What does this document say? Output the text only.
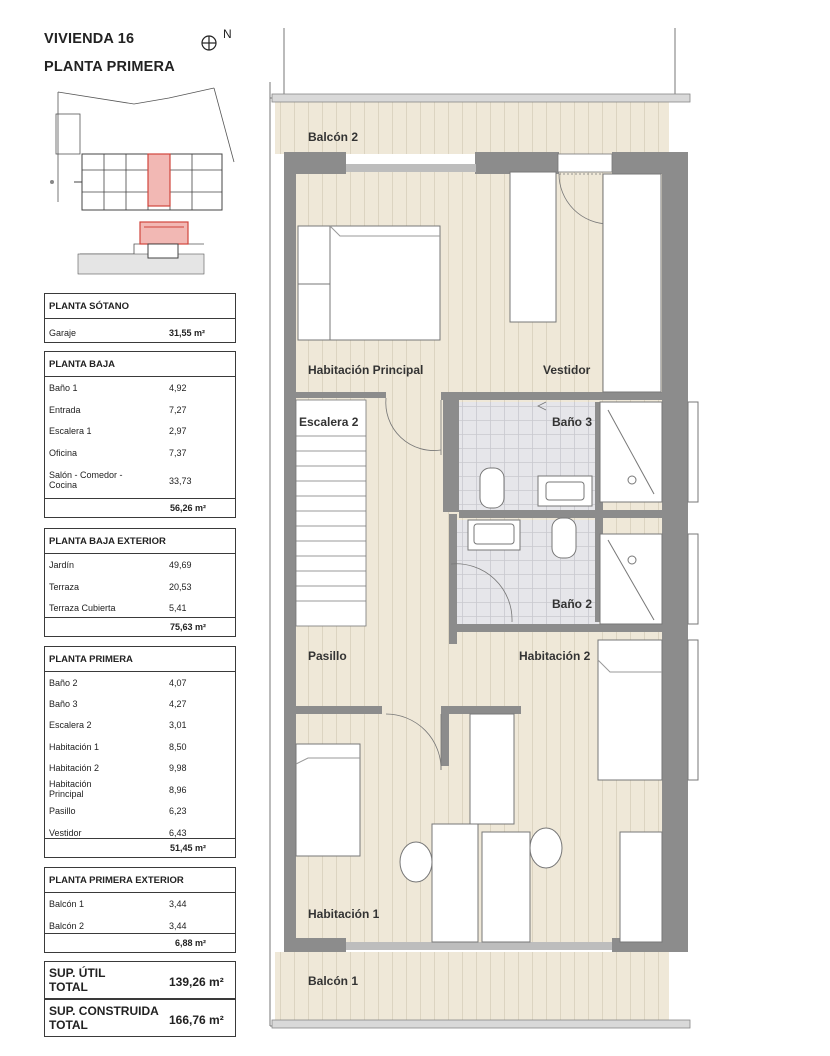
VIVIENDA 16
PLANTA PRIMERA
N
PLANTA SÓTANO
Garaje	31,55 m²
PLANTA BAJA
Baño 1	4,92
Entrada	7,27
Escalera 1	2,97
Oficina	7,37
Salón - Comedor - Cocina	33,73
56,26 m²
PLANTA BAJA EXTERIOR
Jardín	49,69
Terraza	20,53
Terraza Cubierta	5,41
75,63 m²
PLANTA PRIMERA
Baño 2	4,07
Baño 3	4,27
Escalera 2	3,01
Habitación 1	8,50
Habitación 2	9,98
Habitación Principal	8,96
Pasillo	6,23
Vestidor	6,43
51,45 m²
PLANTA PRIMERA EXTERIOR
Balcón 1	3,44
Balcón 2	3,44
6,88 m²
SUP. ÚTIL TOTAL	139,26 m²
SUP. CONSTRUIDA TOTAL	166,76 m²
Balcón 2
Habitación Principal	Vestidor
Escalera 2	Baño 3
Baño 2
Pasillo	Habitación 2
Habitación 1
Balcón 1
